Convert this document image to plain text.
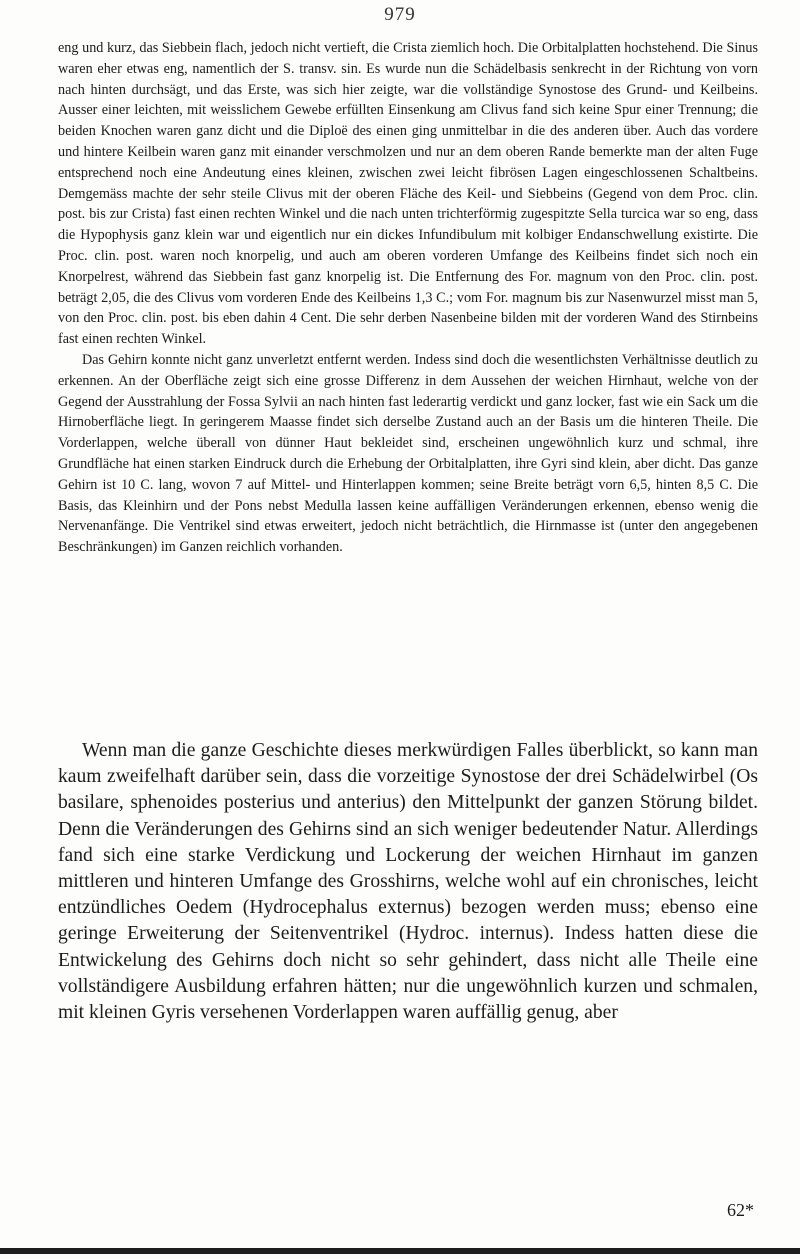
979

eng und kurz, das Siebbein flach, jedoch nicht vertieft, die Crista ziemlich hoch. Die Orbitalplatten hochstehend. Die Sinus waren eher etwas eng, namentlich der S. transv. sin. Es wurde nun die Schädelbasis senkrecht in der Richtung von vorn nach hinten durchsägt, und das Erste, was sich hier zeigte, war die vollständige Synostose des Grund- und Keilbeins. Ausser einer leichten, mit weisslichem Gewebe erfüllten Einsenkung am Clivus fand sich keine Spur einer Trennung; die beiden Knochen waren ganz dicht und die Diploë des einen ging unmittelbar in die des anderen über. Auch das vordere und hintere Keilbein waren ganz mit einander verschmolzen und nur an dem oberen Rande bemerkte man der alten Fuge entsprechend noch eine Andeutung eines kleinen, zwischen zwei leicht fibrösen Lagen eingeschlossenen Schaltbeins. Demgemäss machte der sehr steile Clivus mit der oberen Fläche des Keil- und Siebbeins (Gegend von dem Proc. clin. post. bis zur Crista) fast einen rechten Winkel und die nach unten trichterförmig zugespitzte Sella turcica war so eng, dass die Hypophysis ganz klein war und eigentlich nur ein dickes Infundibulum mit kolbiger Endanschwellung existirte. Die Proc. clin. post. waren noch knorpelig, und auch am oberen vorderen Umfange des Keilbeins findet sich noch ein Knorpelrest, während das Siebbein fast ganz knorpelig ist. Die Entfernung des For. magnum von den Proc. clin. post. beträgt 2,05, die des Clivus vom vorderen Ende des Keilbeins 1,3 C.; vom For. magnum bis zur Nasenwurzel misst man 5, von den Proc. clin. post. bis eben dahin 4 Cent. Die sehr derben Nasenbeine bilden mit der vorderen Wand des Stirnbeins fast einen rechten Winkel.

Das Gehirn konnte nicht ganz unverletzt entfernt werden. Indess sind doch die wesentlichsten Verhältnisse deutlich zu erkennen. An der Oberfläche zeigt sich eine grosse Differenz in dem Aussehen der weichen Hirnhaut, welche von der Gegend der Ausstrahlung der Fossa Sylvii an nach hinten fast lederartig verdickt und ganz locker, fast wie ein Sack um die Hirnoberfläche liegt. In geringerem Maasse findet sich derselbe Zustand auch an der Basis um die hinteren Theile. Die Vorderlappen, welche überall von dünner Haut bekleidet sind, erscheinen ungewöhnlich kurz und schmal, ihre Grundfläche hat einen starken Eindruck durch die Erhebung der Orbitalplatten, ihre Gyri sind klein, aber dicht. Das ganze Gehirn ist 10 C. lang, wovon 7 auf Mittel- und Hinterlappen kommen; seine Breite beträgt vorn 6,5, hinten 8,5 C. Die Basis, das Kleinhirn und der Pons nebst Medulla lassen keine auffälligen Veränderungen erkennen, ebenso wenig die Nervenanfänge. Die Ventrikel sind etwas erweitert, jedoch nicht beträchtlich, die Hirnmasse ist (unter den angegebenen Beschränkungen) im Ganzen reichlich vorhanden.

Wenn man die ganze Geschichte dieses merkwürdigen Falles überblickt, so kann man kaum zweifelhaft darüber sein, dass die vorzeitige Synostose der drei Schädelwirbel (Os basilare, sphenoides posterius und anterius) den Mittelpunkt der ganzen Störung bildet. Denn die Veränderungen des Gehirns sind an sich weniger bedeutender Natur. Allerdings fand sich eine starke Verdickung und Lockerung der weichen Hirnhaut im ganzen mittleren und hinteren Umfange des Grosshirns, welche wohl auf ein chronisches, leicht entzündliches Oedem (Hydrocephalus externus) bezogen werden muss; ebenso eine geringe Erweiterung der Seitenventrikel (Hydroc. internus). Indess hatten diese die Entwickelung des Gehirns doch nicht so sehr gehindert, dass nicht alle Theile eine vollständigere Ausbildung erfahren hätten; nur die ungewöhnlich kurzen und schmalen, mit kleinen Gyris versehenen Vorderlappen waren auffällig genug, aber

62*
